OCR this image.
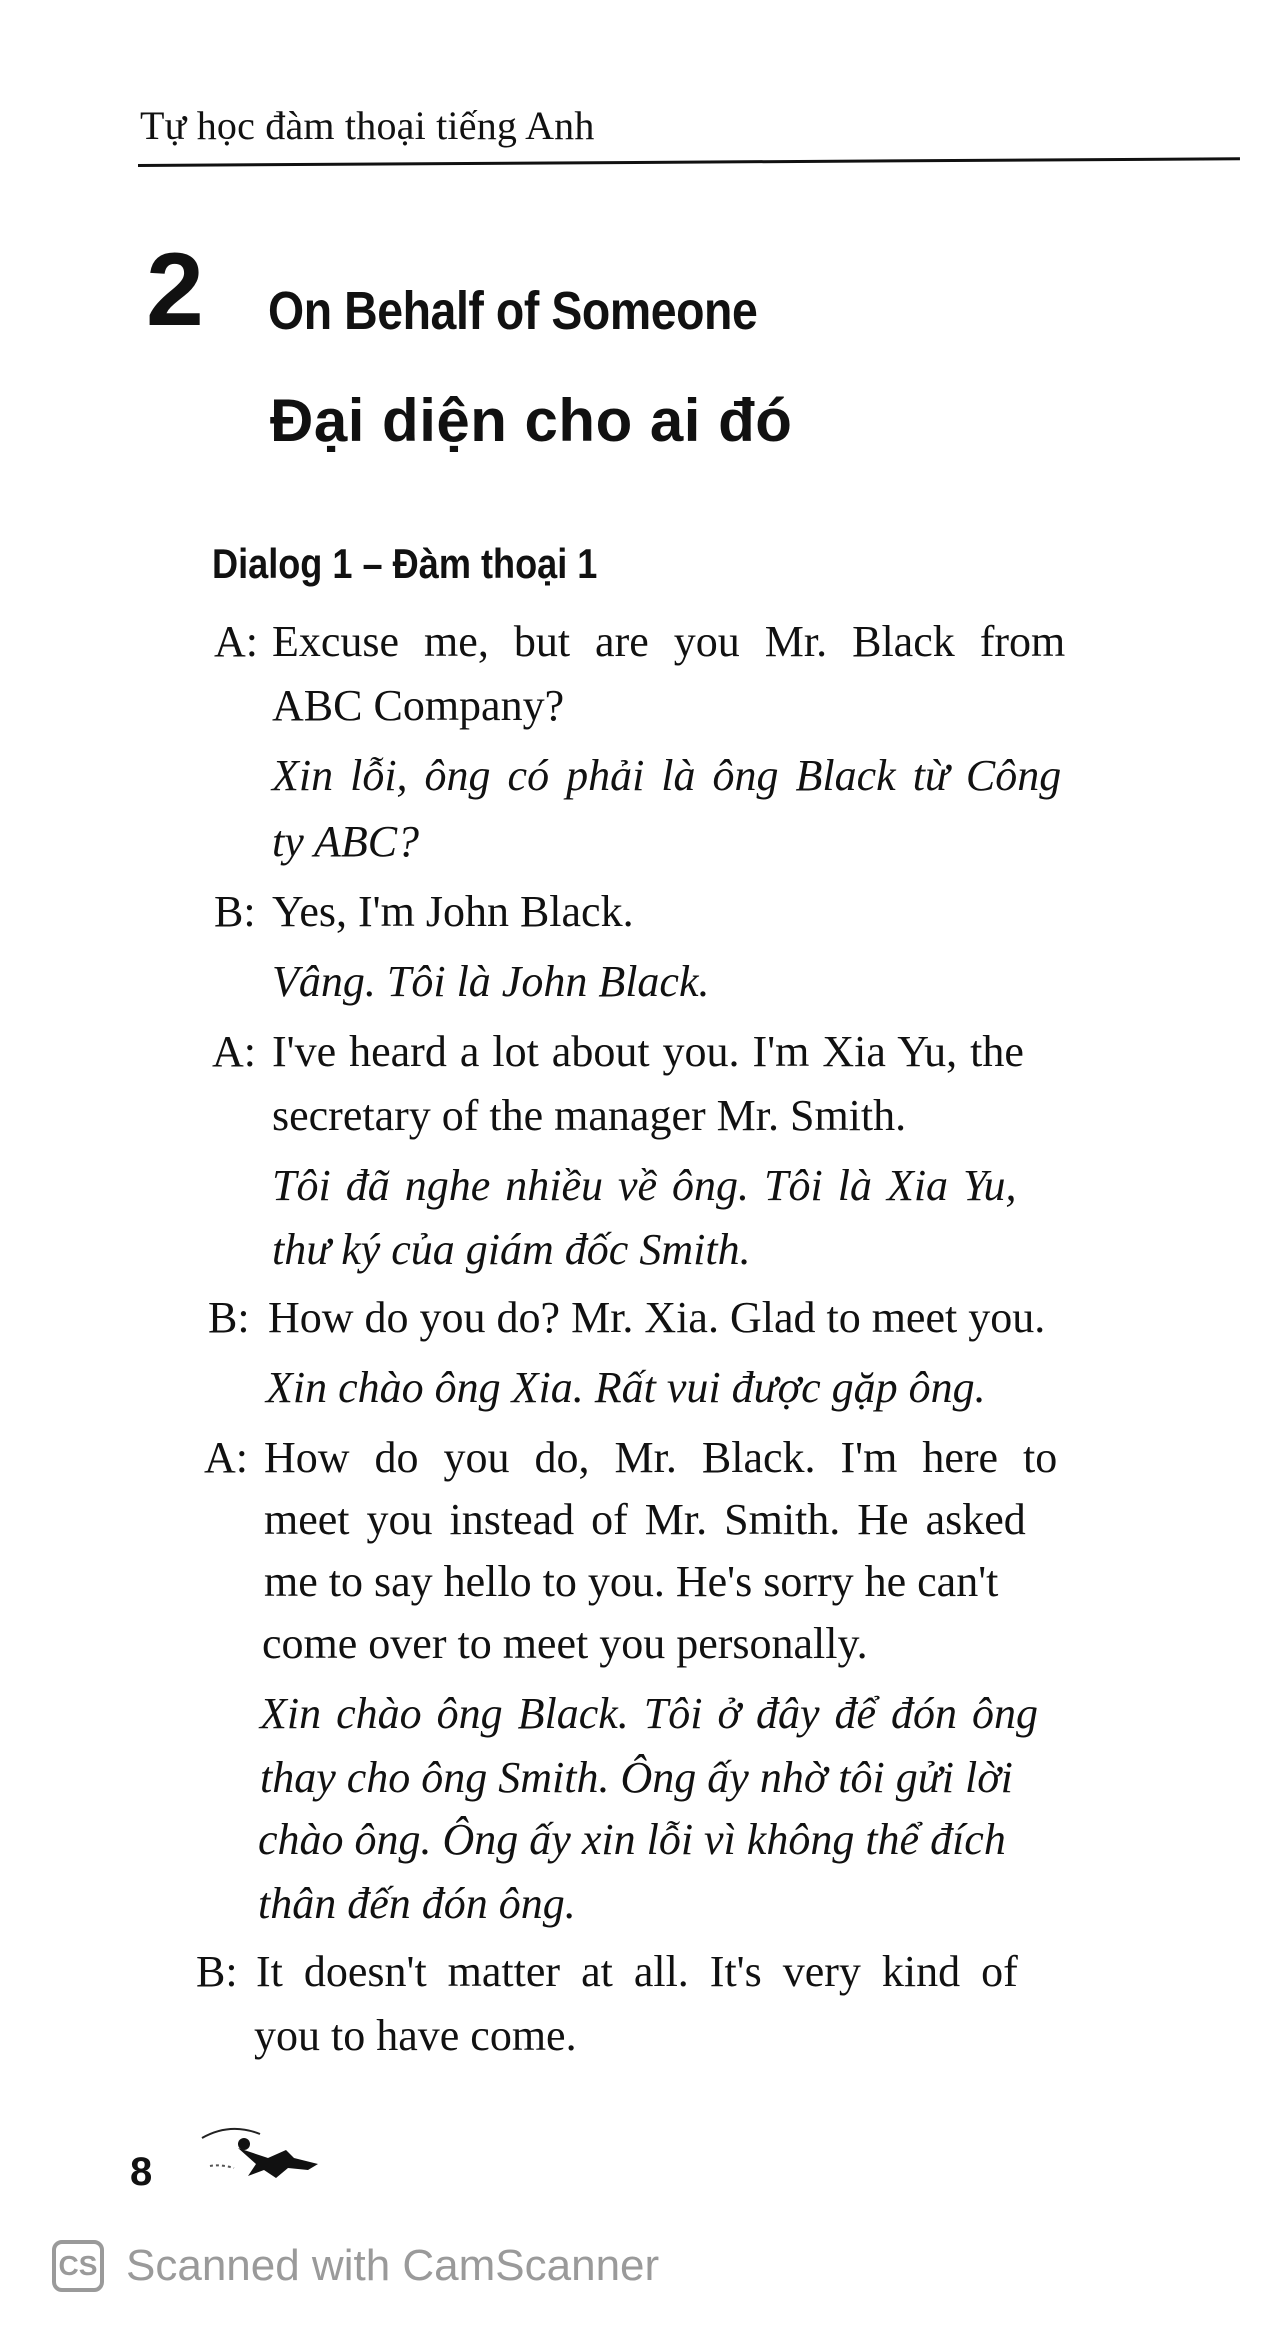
Tự học đàm thoại tiếng Anh
2 On Behalf of Someone
Đại diện cho ai đó
Dialog 1 – Đàm thoại 1
A: Excuse me, but are you Mr. Black from
ABC Company?
Xin lỗi, ông có phải là ông Black từ Công
ty ABC?
B: Yes, I'm John Black.
Vâng. Tôi là John Black.
A: I've heard a lot about you. I'm Xia Yu, the
secretary of the manager Mr. Smith.
Tôi đã nghe nhiều về ông. Tôi là Xia Yu,
thư ký của giám đốc Smith.
B: How do you do? Mr. Xia. Glad to meet you.
Xin chào ông Xia. Rất vui được gặp ông.
A: How do you do, Mr. Black. I'm here to
meet you instead of Mr. Smith. He asked
me to say hello to you. He's sorry he can't
come over to meet you personally.
Xin chào ông Black. Tôi ở đây để đón ông
thay cho ông Smith. Ông ấy nhờ tôi gửi lời
chào ông. Ông ấy xin lỗi vì không thể đích
thân đến đón ông.
B: It doesn't matter at all. It's very kind of
you to have come.
8
CS Scanned with CamScanner
